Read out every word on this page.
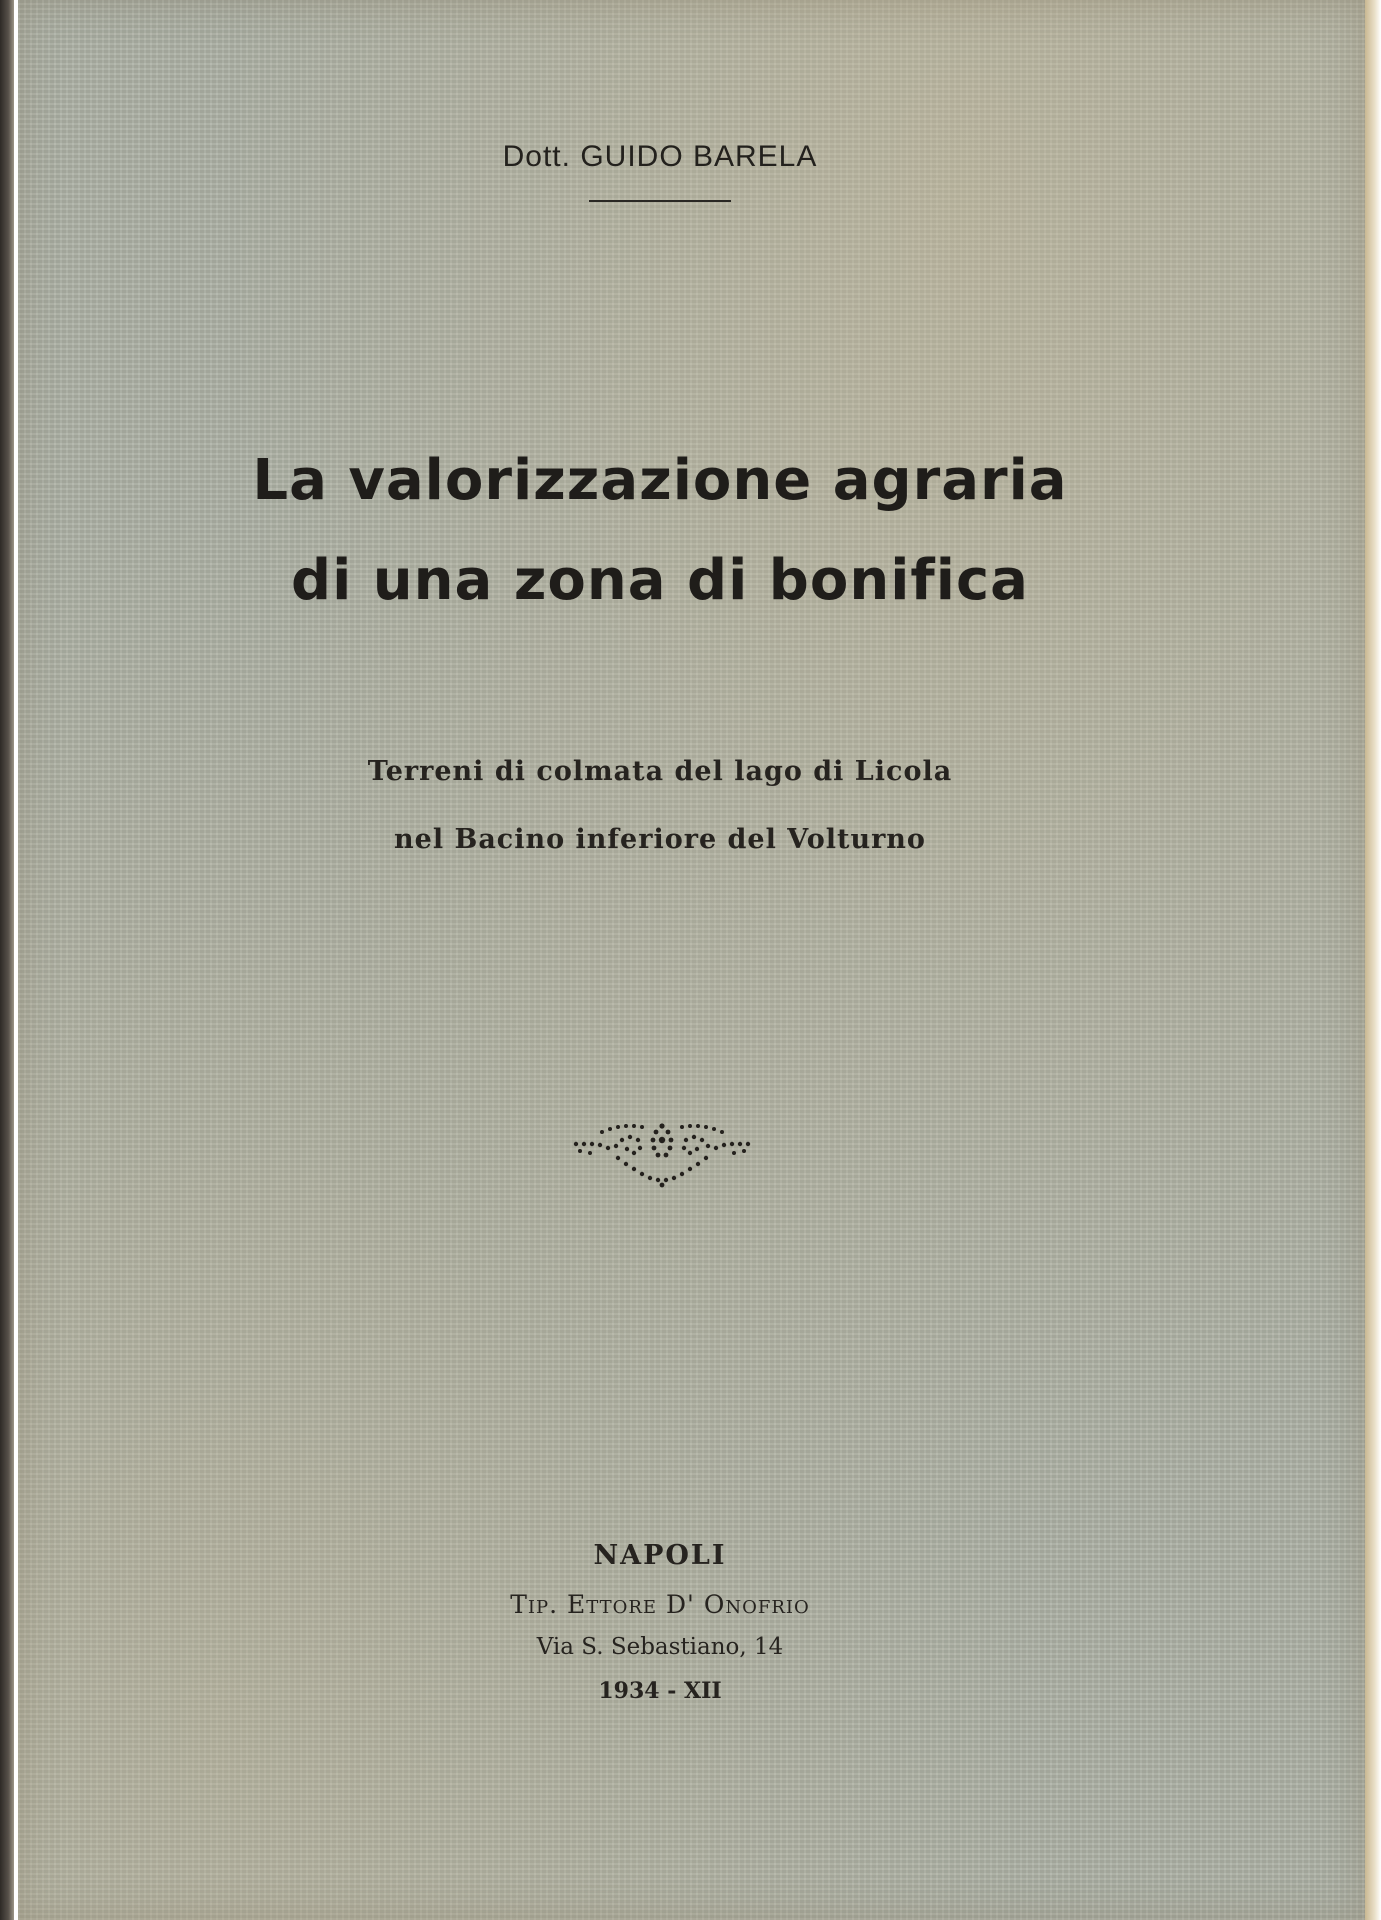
Dott. GUIDO BARELA
La valorizzazione agraria
di una zona di bonifica
Terreni di colmata del lago di Licola
nel Bacino inferiore del Volturno
NAPOLI
Tip. Ettore D' Onofrio
Via S. Sebastiano, 14
1934 - XII
